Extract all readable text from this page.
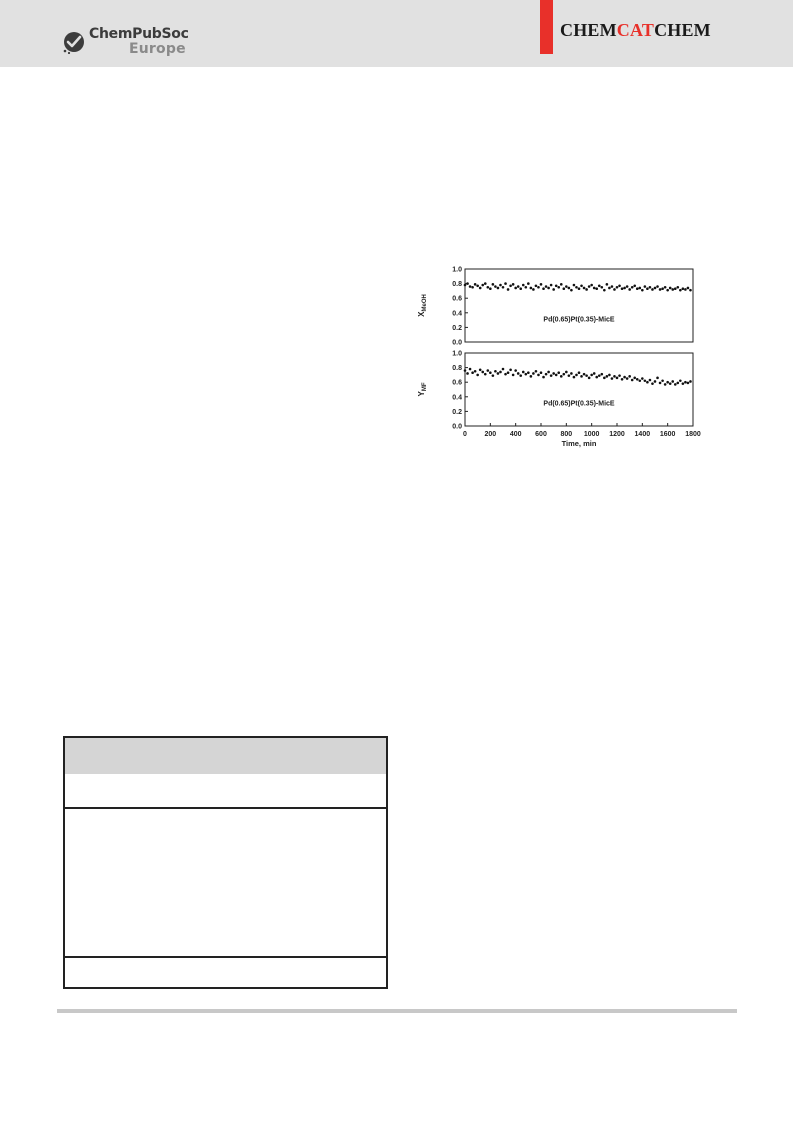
ChemPubSoc
Europe
CHEMCATCHEM
0.0
0.2
0.4
0.6
0.8
1.0
Pd(0.65)Pt(0.35)-MicE
$X_{MeOH}$
0.0
0.2
0.4
0.6
0.8
1.0
Pd(0.65)Pt(0.35)-MicE
$Y_{MF}$
0	200 400 600 800 1000 1200 1400 1600 1800
Time, min
